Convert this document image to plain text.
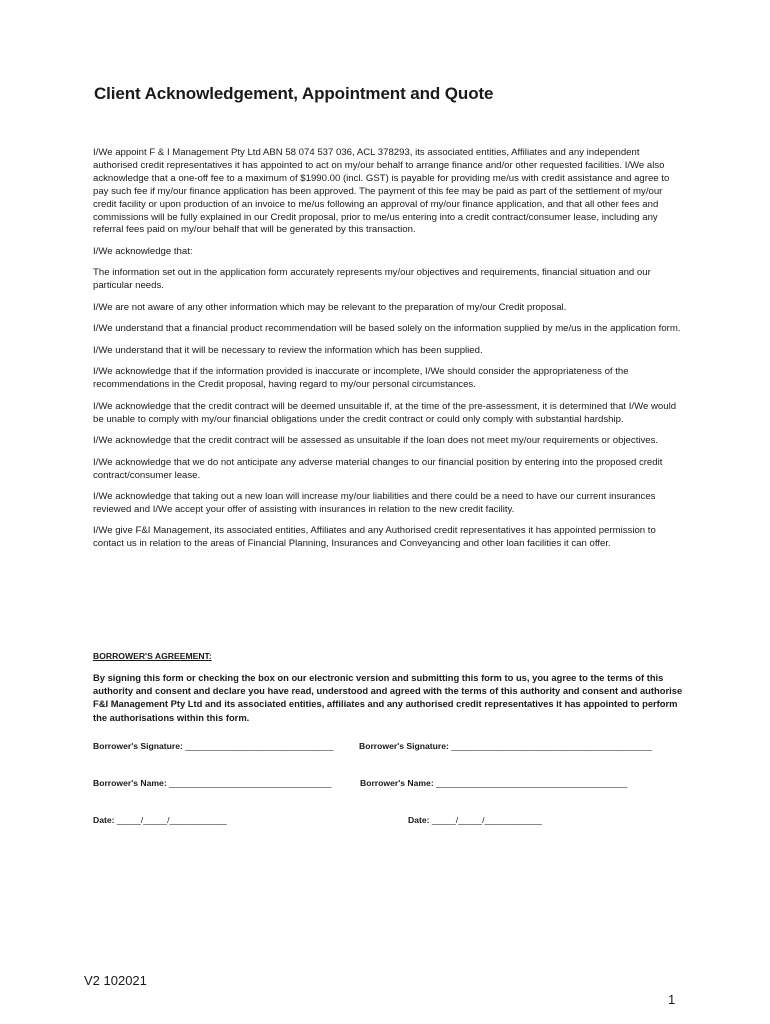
Client Acknowledgement, Appointment and Quote

I/We appoint F & I Management Pty Ltd ABN 58 074 537 036, ACL 378293, its associated entities, Affiliates and any independent authorised credit representatives it has appointed to act on my/our behalf to arrange finance and/or other requested facilities. I/We also acknowledge that a one-off fee to a maximum of $1990.00 (incl. GST) is payable for providing me/us with credit assistance and agree to pay such fee if my/our finance application has been approved. The payment of this fee may be paid as part of the settlement of my/our credit facility or upon production of an invoice to me/us following an approval of my/our finance application, and that all other fees and commissions will be fully explained in our Credit proposal, prior to me/us entering into a credit contract/consumer lease, including any referral fees paid on my/our behalf that will be generated by this transaction.

I/We acknowledge that:

The information set out in the application form accurately represents my/our objectives and requirements, financial situation and our particular needs.

I/We are not aware of any other information which may be relevant to the preparation of my/our Credit proposal.

I/We understand that a financial product recommendation will be based solely on the information supplied by me/us in the application form.

I/We understand that it will be necessary to review the information which has been supplied.

I/We acknowledge that if the information provided is inaccurate or incomplete, I/We should consider the appropriateness of the recommendations in the Credit proposal, having regard to my/our personal circumstances.

I/We acknowledge that the credit contract will be deemed unsuitable if, at the time of the pre-assessment, it is determined that I/We would be unable to comply with my/our financial obligations under the credit contract or could only comply with substantial hardship.

I/We acknowledge that the credit contract will be assessed as unsuitable if the loan does not meet my/our requirements or objectives.

I/We acknowledge that we do not anticipate any adverse material changes to our financial position by entering into the proposed credit contract/consumer lease.

I/We acknowledge that taking out a new loan will increase my/our liabilities and there could be a need to have our current insurances reviewed and I/We accept your offer of assisting with insurances in relation to the new credit facility.

I/We give F&I Management, its associated entities, Affiliates and any Authorised credit representatives it has appointed permission to contact us in relation to the areas of Financial Planning, Insurances and Conveyancing and other loan facilities it can offer.

BORROWER'S AGREEMENT:
By signing this form or checking the box on our electronic version and submitting this form to us, you agree to the terms of this authority and consent and declare you have read, understood and agreed with the terms of this authority and consent and authorise F&I Management Pty Ltd and its associated entities, affiliates and any authorised credit representatives it has appointed to perform the authorisations within this form.
Borrower's Signature: _______________________________	Borrower's Signature: __________________________________________
Borrower's Name: __________________________________	Borrower's Name: ________________________________________
Date: _____/_____/____________	Date: _____/_____/____________
V2 102021
1
